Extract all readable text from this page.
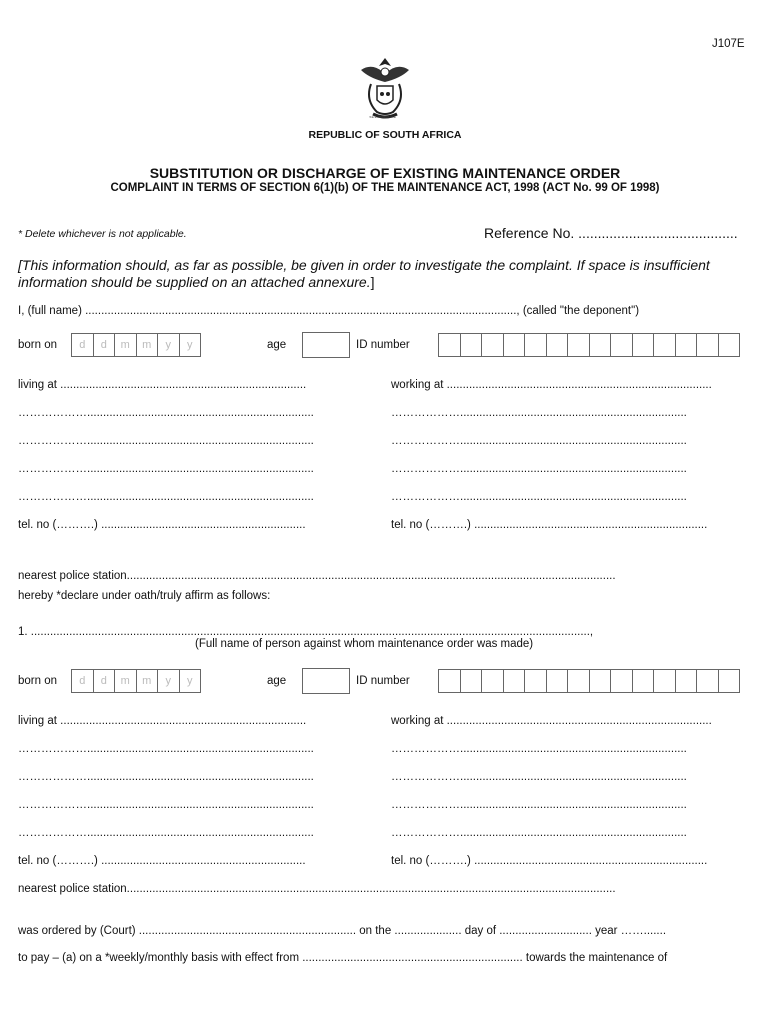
J107E
!KE E: /XARRA //KE
REPUBLIC OF SOUTH AFRICA
SUBSTITUTION OR DISCHARGE OF EXISTING MAINTENANCE ORDER
COMPLAINT IN TERMS OF SECTION 6(1)(b) OF THE MAINTENANCE ACT, 1998 (ACT No. 99 OF 1998)
* Delete whichever is not applicable.	Reference No. .........................................
[This information should, as far as possible, be given in order to investigate the complaint. If space is insufficient
information should be supplied on an attached annexure.]
I, (full name) ......................................................................................................................................., (called "the deponent")
born on	d	d	m	m	y	y	age	ID number
living at .............................................................................	working at ...................................................................................
……………….......................................................................	……………….......................................................................
……………….......................................................................	……………….......................................................................
……………….......................................................................	……………….......................................................................
……………….......................................................................	……………….......................................................................
tel. no (……….) ................................................................	tel. no (……….) .........................................................................
nearest police station.........................................................................................................................................................
hereby *declare under oath/truly affirm as follows:
1. ...............................................................................................................................................................................,
(Full name of person against whom maintenance order was made)
born on	d	d	m	m	y	y	age	ID number
living at .............................................................................	working at ...................................................................................
……………….......................................................................	……………….......................................................................
……………….......................................................................	……………….......................................................................
……………….......................................................................	……………….......................................................................
……………….......................................................................	……………….......................................................................
tel. no (……….) ................................................................	tel. no (……….) .........................................................................
nearest police station.........................................................................................................................................................
was ordered by (Court) .................................................................... on the ..................... day of ............................. year …….......
to pay – (a) on a *weekly/monthly basis with effect from ..................................................................... towards the maintenance of
